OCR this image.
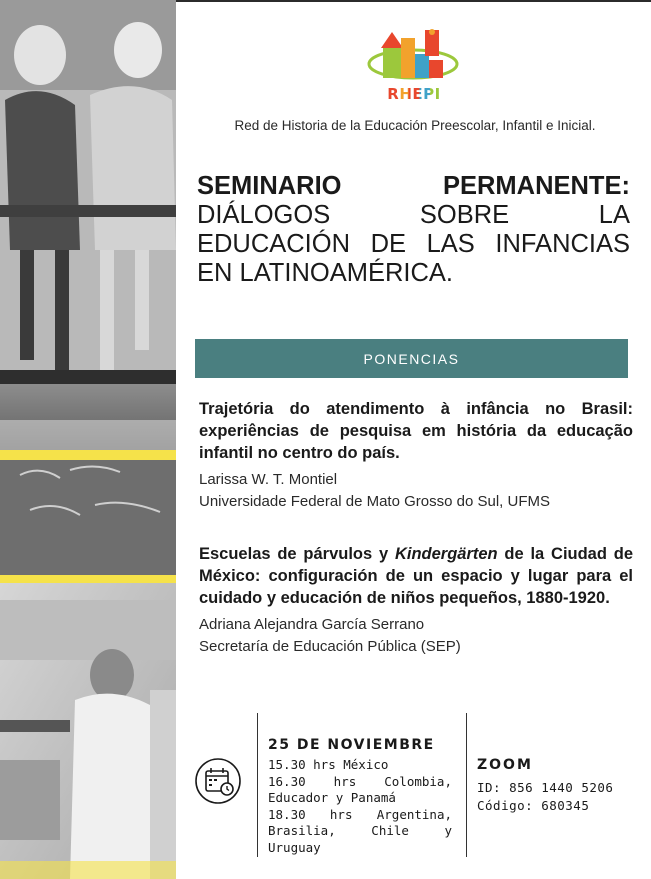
RHEPI
Red de Historia de la Educación Preescolar, Infantil e Inicial.
SEMINARIO PERMANENTE:
DIÁLOGOS SOBRE LA
EDUCACIÓN DE LAS INFANCIAS
EN LATINOAMÉRICA.
PONENCIAS
Trajetória do atendimento à infância no Brasil: experiências de pesquisa em história da educação infantil no centro do país.
Larissa W. T. Montiel
Universidade Federal de Mato Grosso do Sul, UFMS
Escuelas de párvulos y Kindergärten de la Ciudad de México: configuración de un espacio y lugar para el cuidado y educación de niños pequeños, 1880-1920.
Adriana Alejandra García Serrano
Secretaría de Educación Pública (SEP)
25 DE NOVIEMBRE
15.30 hrs México
16.30 hrs Colombia, Educador y Panamá
18.30 hrs Argentina, Brasilia, Chile y Uruguay
ZOOM
ID: 856 1440 5206
Código: 680345
